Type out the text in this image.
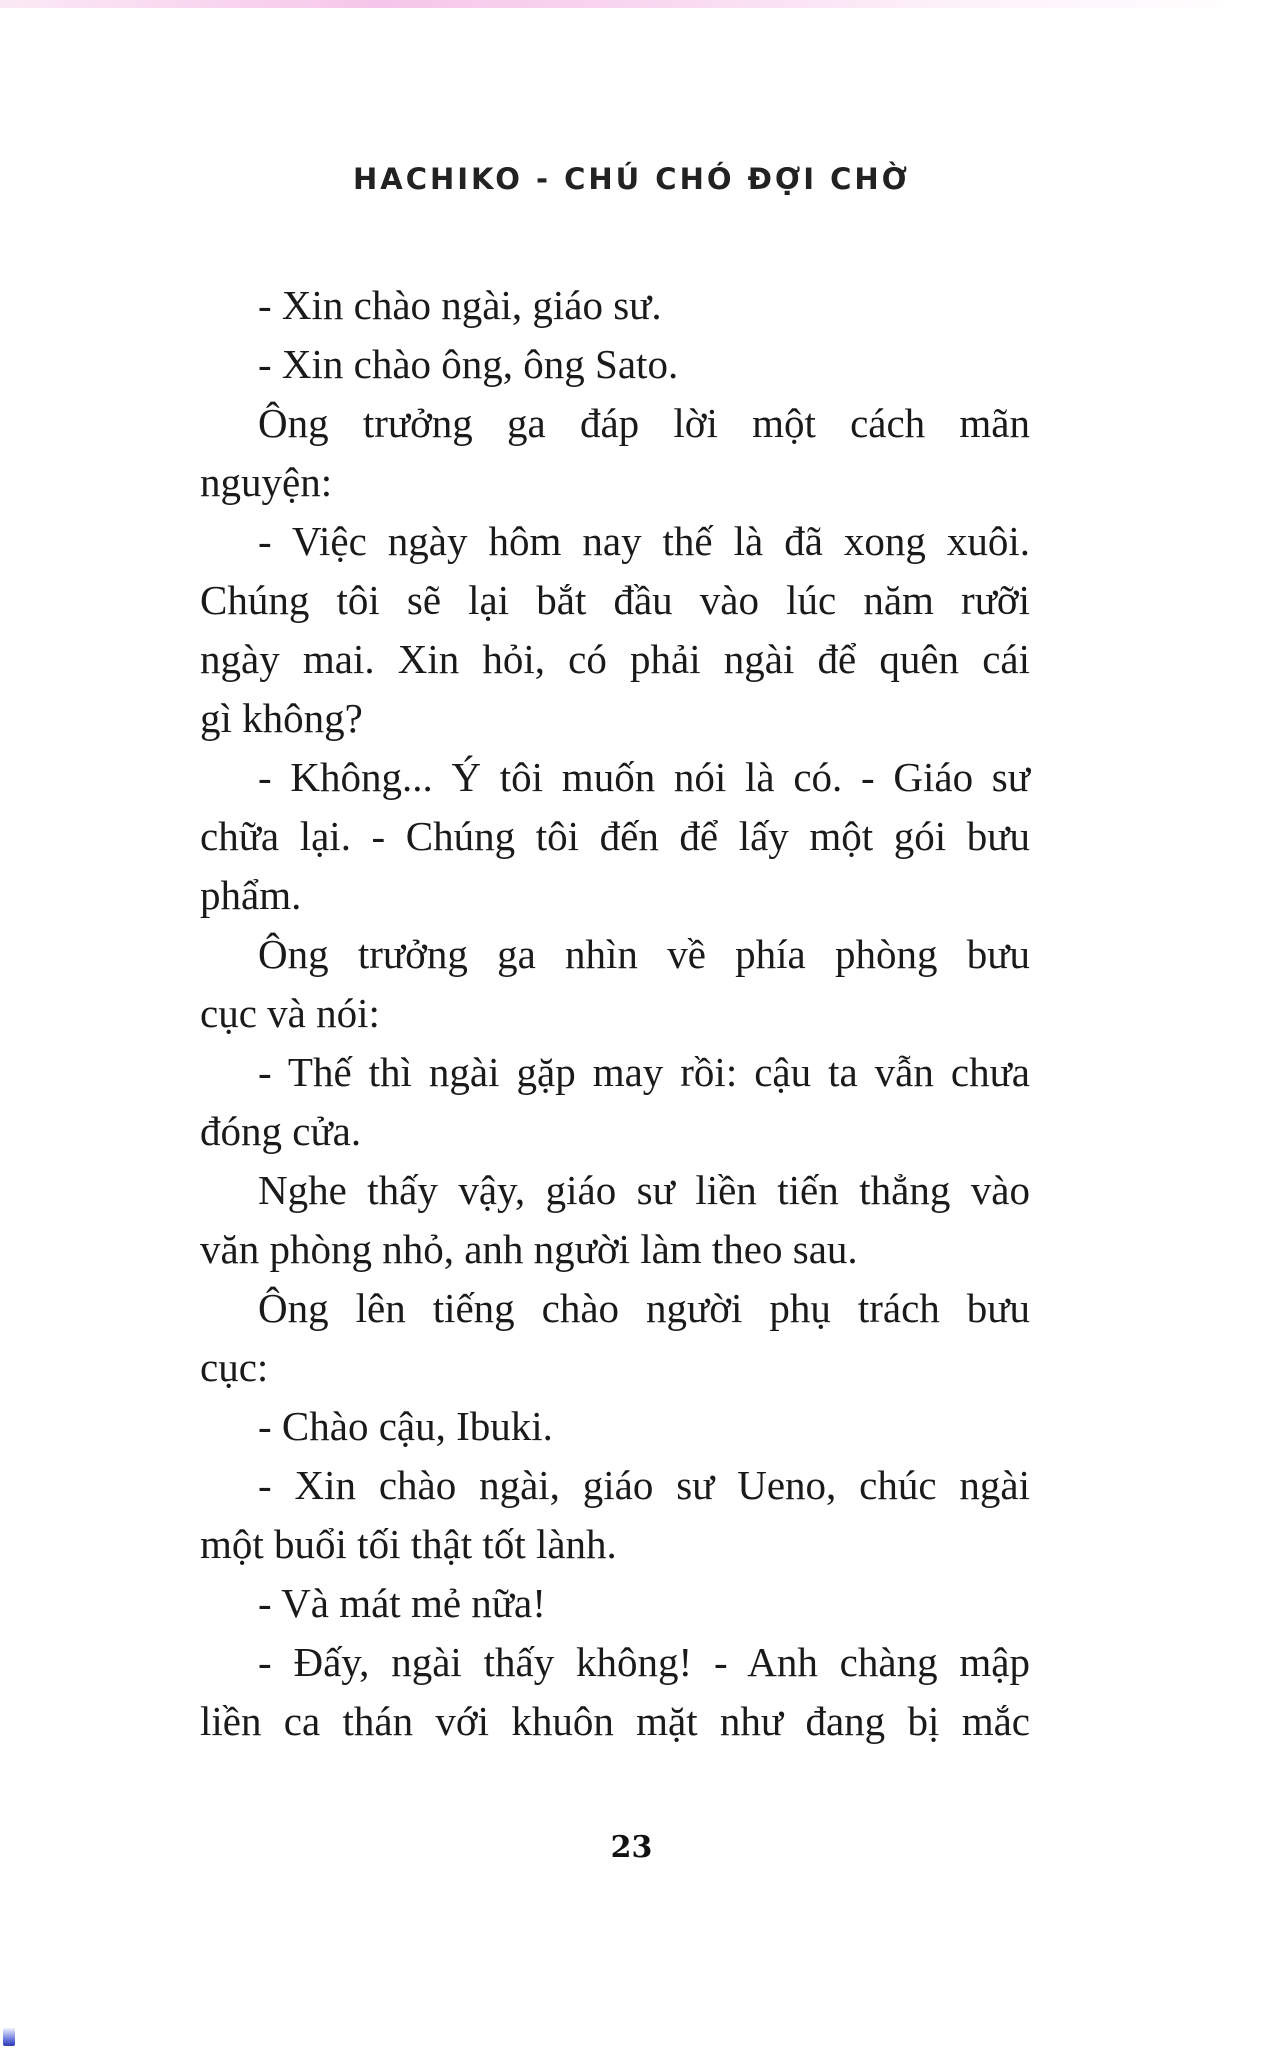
HACHIKO - CHÚ CHÓ ĐỢI CHỜ
- Xin chào ngài, giáo sư.
- Xin chào ông, ông Sato.
Ông trưởng ga đáp lời một cách mãn
nguyện:
- Việc ngày hôm nay thế là đã xong xuôi.
Chúng tôi sẽ lại bắt đầu vào lúc năm rưỡi
ngày mai. Xin hỏi, có phải ngài để quên cái
gì không?
- Không... Ý tôi muốn nói là có. - Giáo sư
chữa lại. - Chúng tôi đến để lấy một gói bưu
phẩm.
Ông trưởng ga nhìn về phía phòng bưu
cục và nói:
- Thế thì ngài gặp may rồi: cậu ta vẫn chưa
đóng cửa.
Nghe thấy vậy, giáo sư liền tiến thẳng vào
văn phòng nhỏ, anh người làm theo sau.
Ông lên tiếng chào người phụ trách bưu
cục:
- Chào cậu, Ibuki.
- Xin chào ngài, giáo sư Ueno, chúc ngài
một buổi tối thật tốt lành.
- Và mát mẻ nữa!
- Đấy, ngài thấy không! - Anh chàng mập
liền ca thán với khuôn mặt như đang bị mắc
23
